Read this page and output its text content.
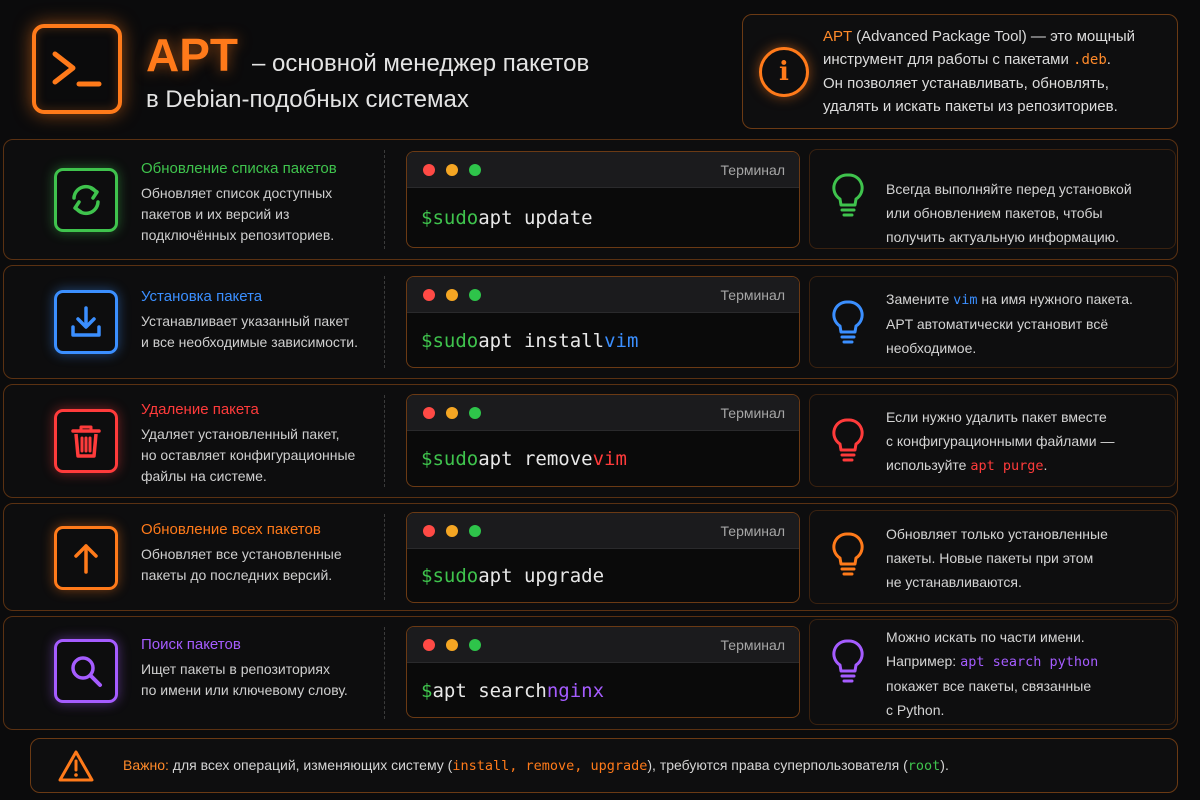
APT – основной менеджер пакетов
в Debian-подобных системах
i
APT (Advanced Package Tool) — это мощный
инструмент для работы с пакетами .deb.
Он позволяет устанавливать, обновлять,
удалять и искать пакеты из репозиториев.
Обновление списка пакетов
Обновляет список доступных
пакетов и их версий из
подключённых репозиториев.
Терминал
$ sudo apt update
Всегда выполняйте перед установкой
или обновлением пакетов, чтобы
получить актуальную информацию.
Установка пакета
Устанавливает указанный пакет
и все необходимые зависимости.
Терминал
$ sudo apt install vim
Замените vim на имя нужного пакета.
APT автоматически установит всё
необходимое.
Удаление пакета
Удаляет установленный пакет,
но оставляет конфигурационные
файлы на системе.
Терминал
$ sudo apt remove vim
Если нужно удалить пакет вместе
с конфигурационными файлами —
используйте apt purge.
Обновление всех пакетов
Обновляет все установленные
пакеты до последних версий.
Терминал
$ sudo apt upgrade
Обновляет только установленные
пакеты. Новые пакеты при этом
не устанавливаются.
Поиск пакетов
Ищет пакеты в репозиториях
по имени или ключевому слову.
Терминал
$ apt search nginx
Можно искать по части имени.
Например: apt search python
покажет все пакеты, связанные
с Python.
Важно: для всех операций, изменяющих систему (install, remove, upgrade), требуются права суперпользователя (root).
